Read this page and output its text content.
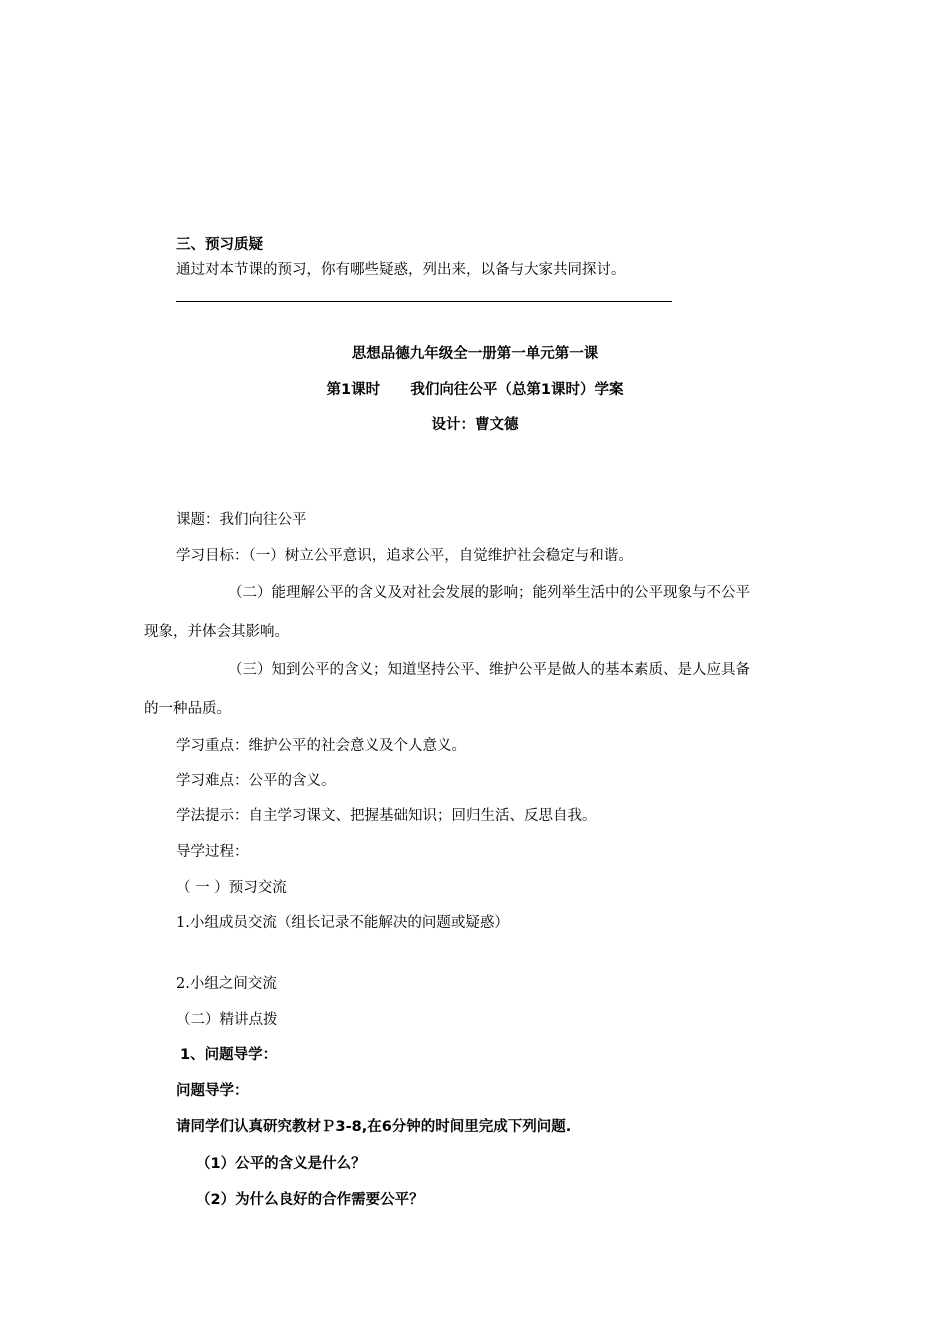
三、预习质疑
通过对本节课的预习，你有哪些疑惑，列出来，以备与大家共同探讨。
思想品德九年级全一册第一单元第一课
第1课时      我们向往公平（总第1课时）学案
设计：曹文德
课题：我们向往公平
学习目标：（一）树立公平意识，追求公平，自觉维护社会稳定与和谐。
（二）能理解公平的含义及对社会发展的影响；能列举生活中的公平现象与不公平
现象，并体会其影响。
（三）知到公平的含义；知道坚持公平、维护公平是做人的基本素质、是人应具备
的一种品质。
学习重点：维护公平的社会意义及个人意义。
学习难点：公平的含义。
学法提示：自主学习课文、把握基础知识；回归生活、反思自我。
导学过程：
（ 一 ）预习交流
1.小组成员交流（组长记录不能解决的问题或疑惑）
2.小组之间交流
（二）精讲点拨
1、问题导学：
问题导学：
请同学们认真研究教材Ｐ3-8,在6分钟的时间里完成下列问题.
（1）公平的含义是什么？
（2）为什么良好的合作需要公平？
